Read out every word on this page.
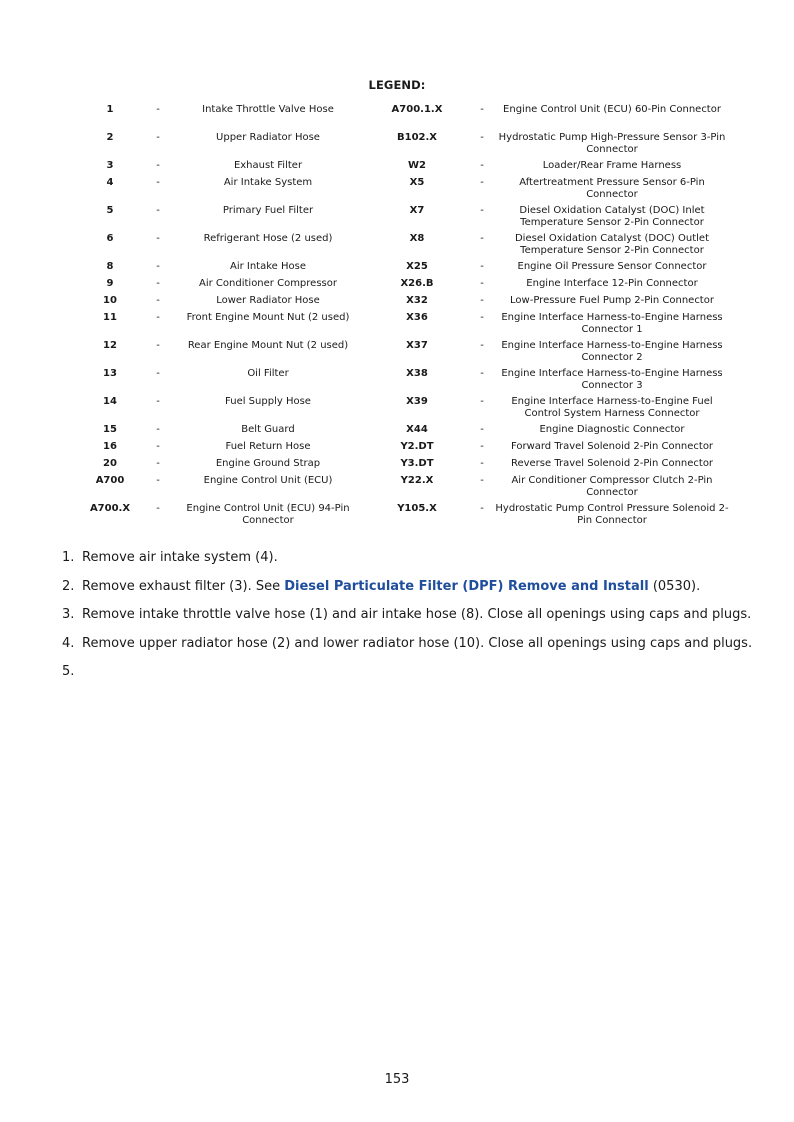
LEGEND:
1	-	Intake Throttle Valve Hose	A700.1.X	-	Engine Control Unit (ECU) 60-Pin Connector
2	-	Upper Radiator Hose	B102.X	-	Hydrostatic Pump High-Pressure Sensor 3-Pin Connector
3	-	Exhaust Filter	W2	-	Loader/Rear Frame Harness
4	-	Air Intake System	X5	-	Aftertreatment Pressure Sensor 6-Pin Connector
5	-	Primary Fuel Filter	X7	-	Diesel Oxidation Catalyst (DOC) Inlet Temperature Sensor 2-Pin Connector
6	-	Refrigerant Hose (2 used)	X8	-	Diesel Oxidation Catalyst (DOC) Outlet Temperature Sensor 2-Pin Connector
8	-	Air Intake Hose	X25	-	Engine Oil Pressure Sensor Connector
9	-	Air Conditioner Compressor	X26.B	-	Engine Interface 12-Pin Connector
10	-	Lower Radiator Hose	X32	-	Low-Pressure Fuel Pump 2-Pin Connector
11	-	Front Engine Mount Nut (2 used)	X36	-	Engine Interface Harness-to-Engine Harness Connector 1
12	-	Rear Engine Mount Nut (2 used)	X37	-	Engine Interface Harness-to-Engine Harness Connector 2
13	-	Oil Filter	X38	-	Engine Interface Harness-to-Engine Harness Connector 3
14	-	Fuel Supply Hose	X39	-	Engine Interface Harness-to-Engine Fuel Control System Harness Connector
15	-	Belt Guard	X44	-	Engine Diagnostic Connector
16	-	Fuel Return Hose	Y2.DT	-	Forward Travel Solenoid 2-Pin Connector
20	-	Engine Ground Strap	Y3.DT	-	Reverse Travel Solenoid 2-Pin Connector
A700	-	Engine Control Unit (ECU)	Y22.X	-	Air Conditioner Compressor Clutch 2-Pin Connector
A700.X	-	Engine Control Unit (ECU) 94-Pin Connector	Y105.X	-	Hydrostatic Pump Control Pressure Solenoid 2-Pin Connector
1. Remove air intake system (4).
2. Remove exhaust filter (3). See Diesel Particulate Filter (DPF) Remove and Install (0530).
3. Remove intake throttle valve hose (1) and air intake hose (8). Close all openings using caps and plugs.
4. Remove upper radiator hose (2) and lower radiator hose (10). Close all openings using caps and plugs.
5.
153
